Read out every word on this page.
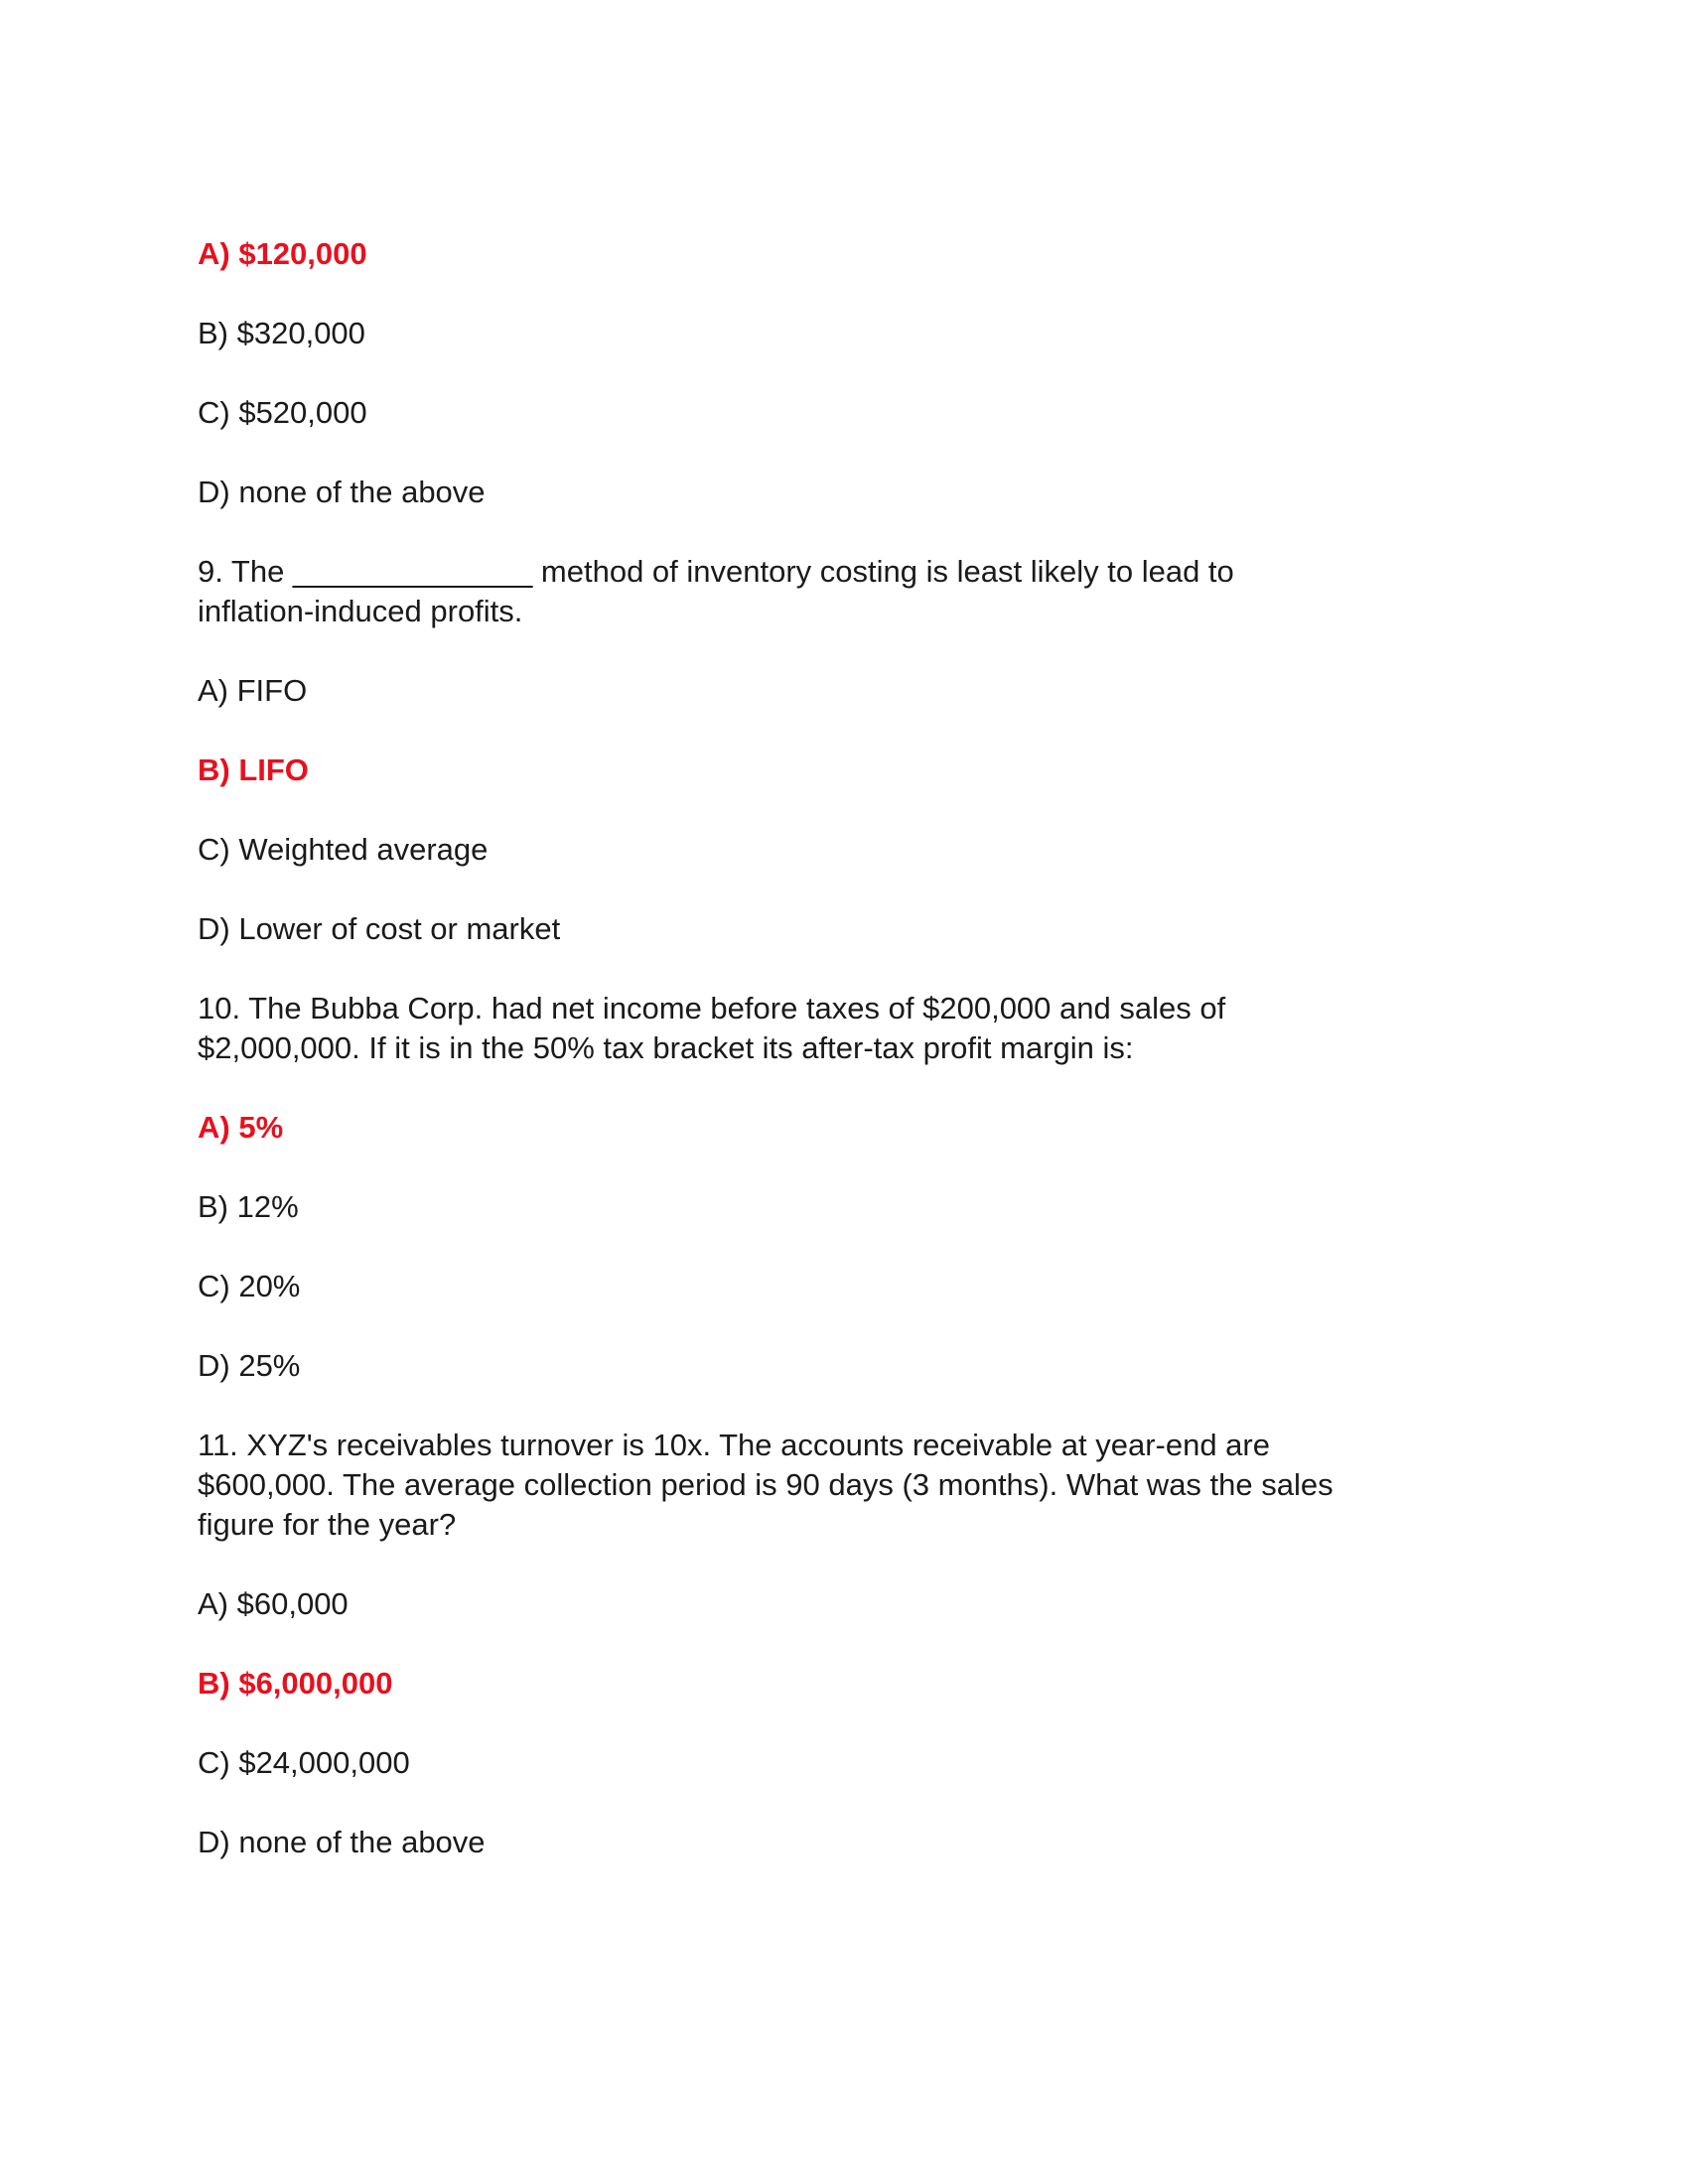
A) $120,000

B) $320,000

C) $520,000

D) none of the above

9. The ______________ method of inventory costing is least likely to lead to

inflation-induced profits.

A) FIFO

B) LIFO

C) Weighted average

D) Lower of cost or market

10. The Bubba Corp. had net income before taxes of $200,000 and sales of

$2,000,000. If it is in the 50% tax bracket its after-tax profit margin is:

A) 5%

B) 12%

C) 20%

D) 25%

11. XYZ's receivables turnover is 10x. The accounts receivable at year-end are

$600,000. The average collection period is 90 days (3 months). What was the sales

figure for the year?

A) $60,000

B) $6,000,000

C) $24,000,000

D) none of the above
